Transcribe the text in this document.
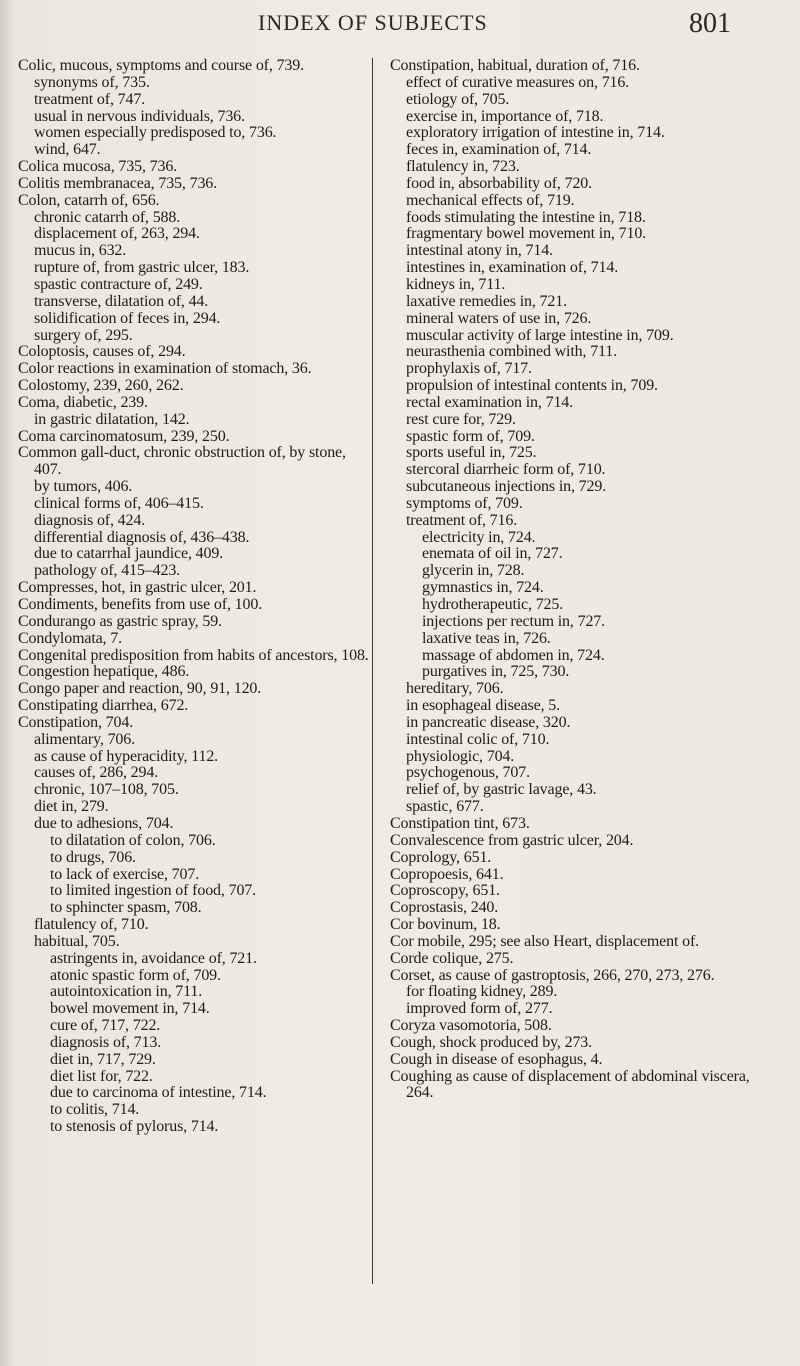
INDEX OF SUBJECTS	801

Colic, mucous, symptoms and course of, 739.

synonyms of, 735.

treatment of, 747.

usual in nervous individuals, 736.

women especially predisposed to, 736.

wind, 647.

Colica mucosa, 735, 736.

Colitis membranacea, 735, 736.

Colon, catarrh of, 656.

chronic catarrh of, 588.

displacement of, 263, 294.

mucus in, 632.

rupture of, from gastric ulcer, 183.

spastic contracture of, 249.

transverse, dilatation of, 44.

solidification of feces in, 294.

surgery of, 295.

Coloptosis, causes of, 294.

Color reactions in examination of stomach, 36.

Colostomy, 239, 260, 262.

Coma, diabetic, 239.

in gastric dilatation, 142.

Coma carcinomatosum, 239, 250.

Common gall-duct, chronic obstruction of, by stone, 407.

by tumors, 406.

clinical forms of, 406–415.

diagnosis of, 424.

differential diagnosis of, 436–438.

due to catarrhal jaundice, 409.

pathology of, 415–423.

Compresses, hot, in gastric ulcer, 201.

Condiments, benefits from use of, 100.

Condurango as gastric spray, 59.

Condylomata, 7.

Congenital predisposition from habits of ancestors, 108.

Congestion hepatique, 486.

Congo paper and reaction, 90, 91, 120.

Constipating diarrhea, 672.

Constipation, 704.

alimentary, 706.

as cause of hyperacidity, 112.

causes of, 286, 294.

chronic, 107–108, 705.

diet in, 279.

due to adhesions, 704.

to dilatation of colon, 706.

to drugs, 706.

to lack of exercise, 707.

to limited ingestion of food, 707.

to sphincter spasm, 708.

flatulency of, 710.

habitual, 705.

astringents in, avoidance of, 721.

atonic spastic form of, 709.

autointoxication in, 711.

bowel movement in, 714.

cure of, 717, 722.

diagnosis of, 713.

diet in, 717, 729.

diet list for, 722.

due to carcinoma of intestine, 714.

to colitis, 714.

to stenosis of pylorus, 714.

Constipation, habitual, duration of, 716.

effect of curative measures on, 716.

etiology of, 705.

exercise in, importance of, 718.

exploratory irrigation of intestine in, 714.

feces in, examination of, 714.

flatulency in, 723.

food in, absorbability of, 720.

mechanical effects of, 719.

foods stimulating the intestine in, 718.

fragmentary bowel movement in, 710.

intestinal atony in, 714.

intestines in, examination of, 714.

kidneys in, 711.

laxative remedies in, 721.

mineral waters of use in, 726.

muscular activity of large intestine in, 709.

neurasthenia combined with, 711.

prophylaxis of, 717.

propulsion of intestinal contents in, 709.

rectal examination in, 714.

rest cure for, 729.

spastic form of, 709.

sports useful in, 725.

stercoral diarrheic form of, 710.

subcutaneous injections in, 729.

symptoms of, 709.

treatment of, 716.

electricity in, 724.

enemata of oil in, 727.

glycerin in, 728.

gymnastics in, 724.

hydrotherapeutic, 725.

injections per rectum in, 727.

laxative teas in, 726.

massage of abdomen in, 724.

purgatives in, 725, 730.

hereditary, 706.

in esophageal disease, 5.

in pancreatic disease, 320.

intestinal colic of, 710.

physiologic, 704.

psychogenous, 707.

relief of, by gastric lavage, 43.

spastic, 677.

Constipation tint, 673.

Convalescence from gastric ulcer, 204.

Coprology, 651.

Copropoesis, 641.

Coproscopy, 651.

Coprostasis, 240.

Cor bovinum, 18.

Cor mobile, 295; see also Heart, displacement of.

Corde colique, 275.

Corset, as cause of gastroptosis, 266, 270, 273, 276.

for floating kidney, 289.

improved form of, 277.

Coryza vasomotoria, 508.

Cough, shock produced by, 273.

Cough in disease of esophagus, 4.

Coughing as cause of displacement of abdominal viscera, 264.
